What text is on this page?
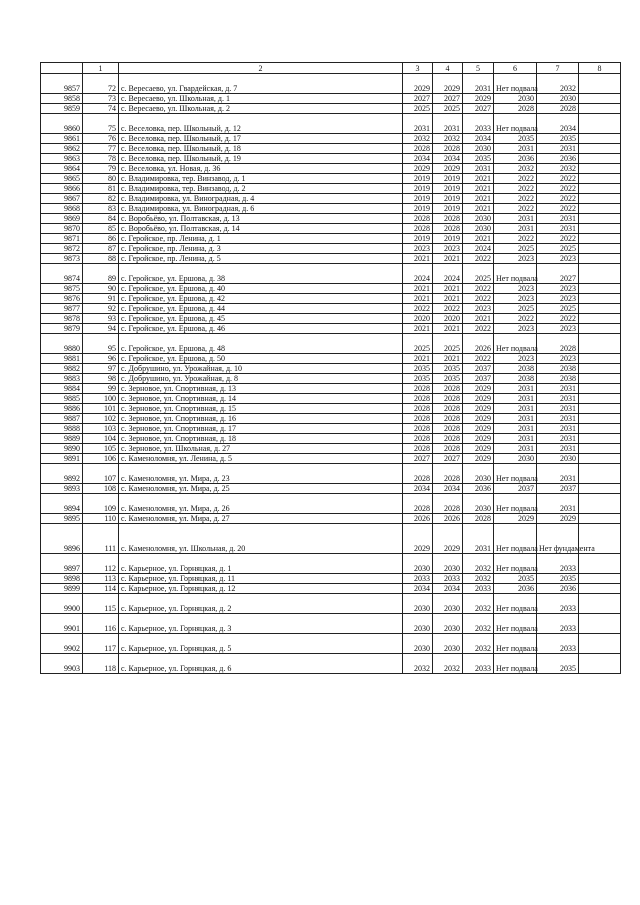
	1	2	3	4	5	6	7	8
9857	72	с. Вересаево, ул. Гвардейская, д. 7	2029	2029	2031	Нет подвала	2032	
9858	73	с. Вересаево, ул. Школьная, д. 1	2027	2027	2029	2030	2030	
9859	74	с. Вересаево, ул. Школьная, д. 2	2025	2025	2027	2028	2028	
9860	75	с. Веселовка, пер. Школьный, д. 12	2031	2031	2033	Нет подвала	2034	
9861	76	с. Веселовка, пер. Школьный, д. 17	2032	2032	2034	2035	2035	
9862	77	с. Веселовка, пер. Школьный, д. 18	2028	2028	2030	2031	2031	
9863	78	с. Веселовка, пер. Школьный, д. 19	2034	2034	2035	2036	2036	
9864	79	с. Веселовка, ул. Новая, д. 36	2029	2029	2031	2032	2032	
9865	80	с. Владимировка, тер. Винзавод, д. 1	2019	2019	2021	2022	2022	
9866	81	с. Владимировка, тер. Винзавод, д. 2	2019	2019	2021	2022	2022	
9867	82	с. Владимировка, ул. Виноградная, д. 4	2019	2019	2021	2022	2022	
9868	83	с. Владимировка, ул. Виноградная, д. 6	2019	2019	2021	2022	2022	
9869	84	с. Воробьёво, ул. Полтавская, д. 13	2028	2028	2030	2031	2031	
9870	85	с. Воробьёво, ул. Полтавская, д. 14	2028	2028	2030	2031	2031	
9871	86	с. Геройское, пр. Ленина, д. 1	2019	2019	2021	2022	2022	
9872	87	с. Геройское, пр. Ленина, д. 3	2023	2023	2024	2025	2025	
9873	88	с. Геройское, пр. Ленина, д. 5	2021	2021	2022	2023	2023	
9874	89	с. Геройское, ул. Ершова, д. 38	2024	2024	2025	Нет подвала	2027	
9875	90	с. Геройское, ул. Ершова, д. 40	2021	2021	2022	2023	2023	
9876	91	с. Геройское, ул. Ершова, д. 42	2021	2021	2022	2023	2023	
9877	92	с. Геройское, ул. Ершова, д. 44	2022	2022	2023	2025	2025	
9878	93	с. Геройское, ул. Ершова, д. 45	2020	2020	2021	2022	2022	
9879	94	с. Геройское, ул. Ершова, д. 46	2021	2021	2022	2023	2023	
9880	95	с. Геройское, ул. Ершова, д. 48	2025	2025	2026	Нет подвала	2028	
9881	96	с. Геройское, ул. Ершова, д. 50	2021	2021	2022	2023	2023	
9882	97	с. Добрушино, ул. Урожайная, д. 10	2035	2035	2037	2038	2038	
9883	98	с. Добрушино, ул. Урожайная, д. 8	2035	2035	2037	2038	2038	
9884	99	с. Зерновое, ул. Спортивная, д. 13	2028	2028	2029	2031	2031	
9885	100	с. Зерновое, ул. Спортивная, д. 14	2028	2028	2029	2031	2031	
9886	101	с. Зерновое, ул. Спортивная, д. 15	2028	2028	2029	2031	2031	
9887	102	с. Зерновое, ул. Спортивная, д. 16	2028	2028	2029	2031	2031	
9888	103	с. Зерновое, ул. Спортивная, д. 17	2028	2028	2029	2031	2031	
9889	104	с. Зерновое, ул. Спортивная, д. 18	2028	2028	2029	2031	2031	
9890	105	с. Зерновое, ул. Школьная, д. 27	2028	2028	2029	2031	2031	
9891	106	с. Каменоломня, ул. Ленина, д. 5	2027	2027	2029	2030	2030	
9892	107	с. Каменоломня, ул. Мира, д. 23	2028	2028	2030	Нет подвала	2031	
9893	108	с. Каменоломня, ул. Мира, д. 25	2034	2034	2036	2037	2037	
9894	109	с. Каменоломня, ул. Мира, д. 26	2028	2028	2030	Нет подвала	2031	
9895	110	с. Каменоломня, ул. Мира, д. 27	2026	2026	2028	2029	2029	
9896	111	с. Каменоломня, ул. Школьная, д. 20	2029	2029	2031	Нет подвала	Нет фундамента	
9897	112	с. Карьерное, ул. Горняцкая, д. 1	2030	2030	2032	Нет подвала	2033	
9898	113	с. Карьерное, ул. Горняцкая, д. 11	2033	2033	2032	2035	2035	
9899	114	с. Карьерное, ул. Горняцкая, д. 12	2034	2034	2033	2036	2036	
9900	115	с. Карьерное, ул. Горняцкая, д. 2	2030	2030	2032	Нет подвала	2033	
9901	116	с. Карьерное, ул. Горняцкая, д. 3	2030	2030	2032	Нет подвала	2033	
9902	117	с. Карьерное, ул. Горняцкая, д. 5	2030	2030	2032	Нет подвала	2033	
9903	118	с. Карьерное, ул. Горняцкая, д. 6	2032	2032	2033	Нет подвала	2035	
